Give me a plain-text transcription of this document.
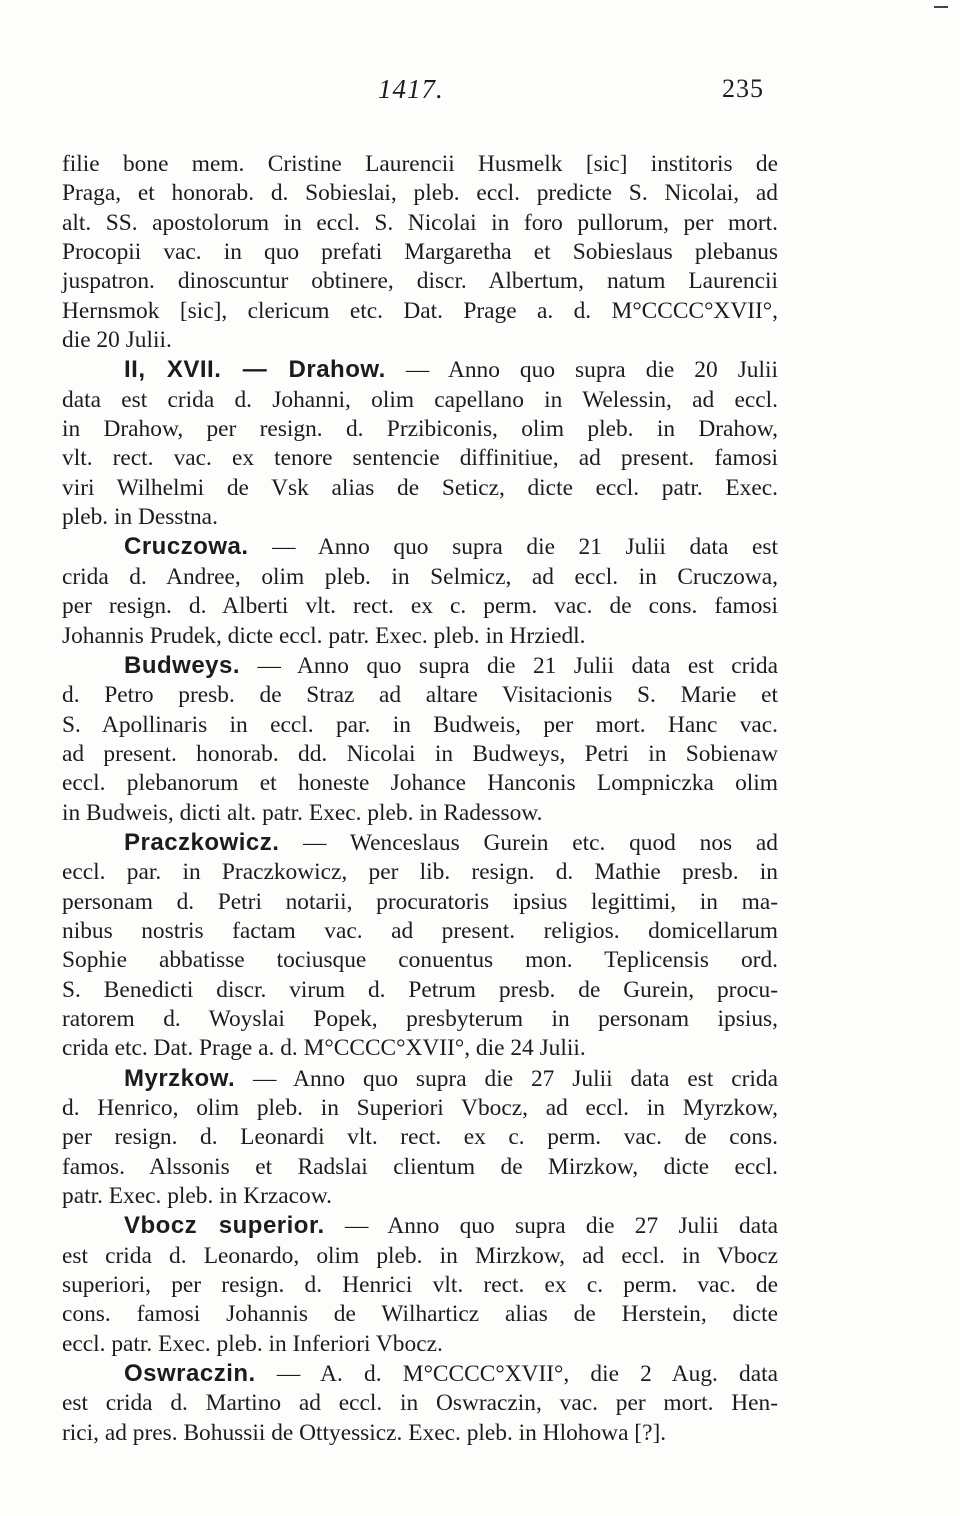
1417.	235

filie bone mem. Cristine Laurencii Husmelk [sic] institoris de

Praga, et honorab. d. Sobieslai, pleb. eccl. predicte S. Nicolai, ad

alt. SS. apostolorum in eccl. S. Nicolai in foro pullorum, per mort.

Procopii vac. in quo prefati Margaretha et Sobieslaus plebanus

juspatron. dinoscuntur obtinere, discr. Albertum, natum Laurencii

Hernsmok [sic], clericum etc. Dat. Prage a. d. M°CCCC°XVII°,

die 20 Julii.

II, XVII. — Drahow. — Anno quo supra die 20 Julii

data est crida d. Johanni, olim capellano in Welessin, ad eccl.

in Drahow, per resign. d. Przibiconis, olim pleb. in Drahow,

vlt. rect. vac. ex tenore sentencie diffinitiue, ad present. famosi

viri Wilhelmi de Vsk alias de Seticz, dicte eccl. patr. Exec.

pleb. in Desstna.

Cruczowa. — Anno quo supra die 21 Julii data est

crida d. Andree, olim pleb. in Selmicz, ad eccl. in Cruczowa,

per resign. d. Alberti vlt. rect. ex c. perm. vac. de cons. famosi

Johannis Prudek, dicte eccl. patr. Exec. pleb. in Hrziedl.

Budweys. — Anno quo supra die 21 Julii data est crida

d. Petro presb. de Straz ad altare Visitacionis S. Marie et

S. Apollinaris in eccl. par. in Budweis, per mort. Hanc vac.

ad present. honorab. dd. Nicolai in Budweys, Petri in Sobienaw

eccl. plebanorum et honeste Johance Hanconis Lompniczka olim

in Budweis, dicti alt. patr. Exec. pleb. in Radessow.

Praczkowicz. — Wenceslaus Gurein etc. quod nos ad

eccl. par. in Praczkowicz, per lib. resign. d. Mathie presb. in

personam d. Petri notarii, procuratoris ipsius legittimi, in ma-

nibus nostris factam vac. ad present. religios. domicellarum

Sophie abbatisse tociusque conuentus mon. Teplicensis ord.

S. Benedicti discr. virum d. Petrum presb. de Gurein, procu-

ratorem d. Woyslai Popek, presbyterum in personam ipsius,

crida etc. Dat. Prage a. d. M°CCCC°XVII°, die 24 Julii.

Myrzkow. — Anno quo supra die 27 Julii data est crida

d. Henrico, olim pleb. in Superiori Vbocz, ad eccl. in Myrzkow,

per resign. d. Leonardi vlt. rect. ex c. perm. vac. de cons.

famos. Alssonis et Radslai clientum de Mirzkow, dicte eccl.

patr. Exec. pleb. in Krzacow.

Vbocz superior. — Anno quo supra die 27 Julii data

est crida d. Leonardo, olim pleb. in Mirzkow, ad eccl. in Vbocz

superiori, per resign. d. Henrici vlt. rect. ex c. perm. vac. de

cons. famosi Johannis de Wilharticz alias de Herstein, dicte

eccl. patr. Exec. pleb. in Inferiori Vbocz.

Oswraczin. — A. d. M°CCCC°XVII°, die 2 Aug. data

est crida d. Martino ad eccl. in Oswraczin, vac. per mort. Hen-

rici, ad pres. Bohussii de Ottyessicz. Exec. pleb. in Hlohowa [?].
